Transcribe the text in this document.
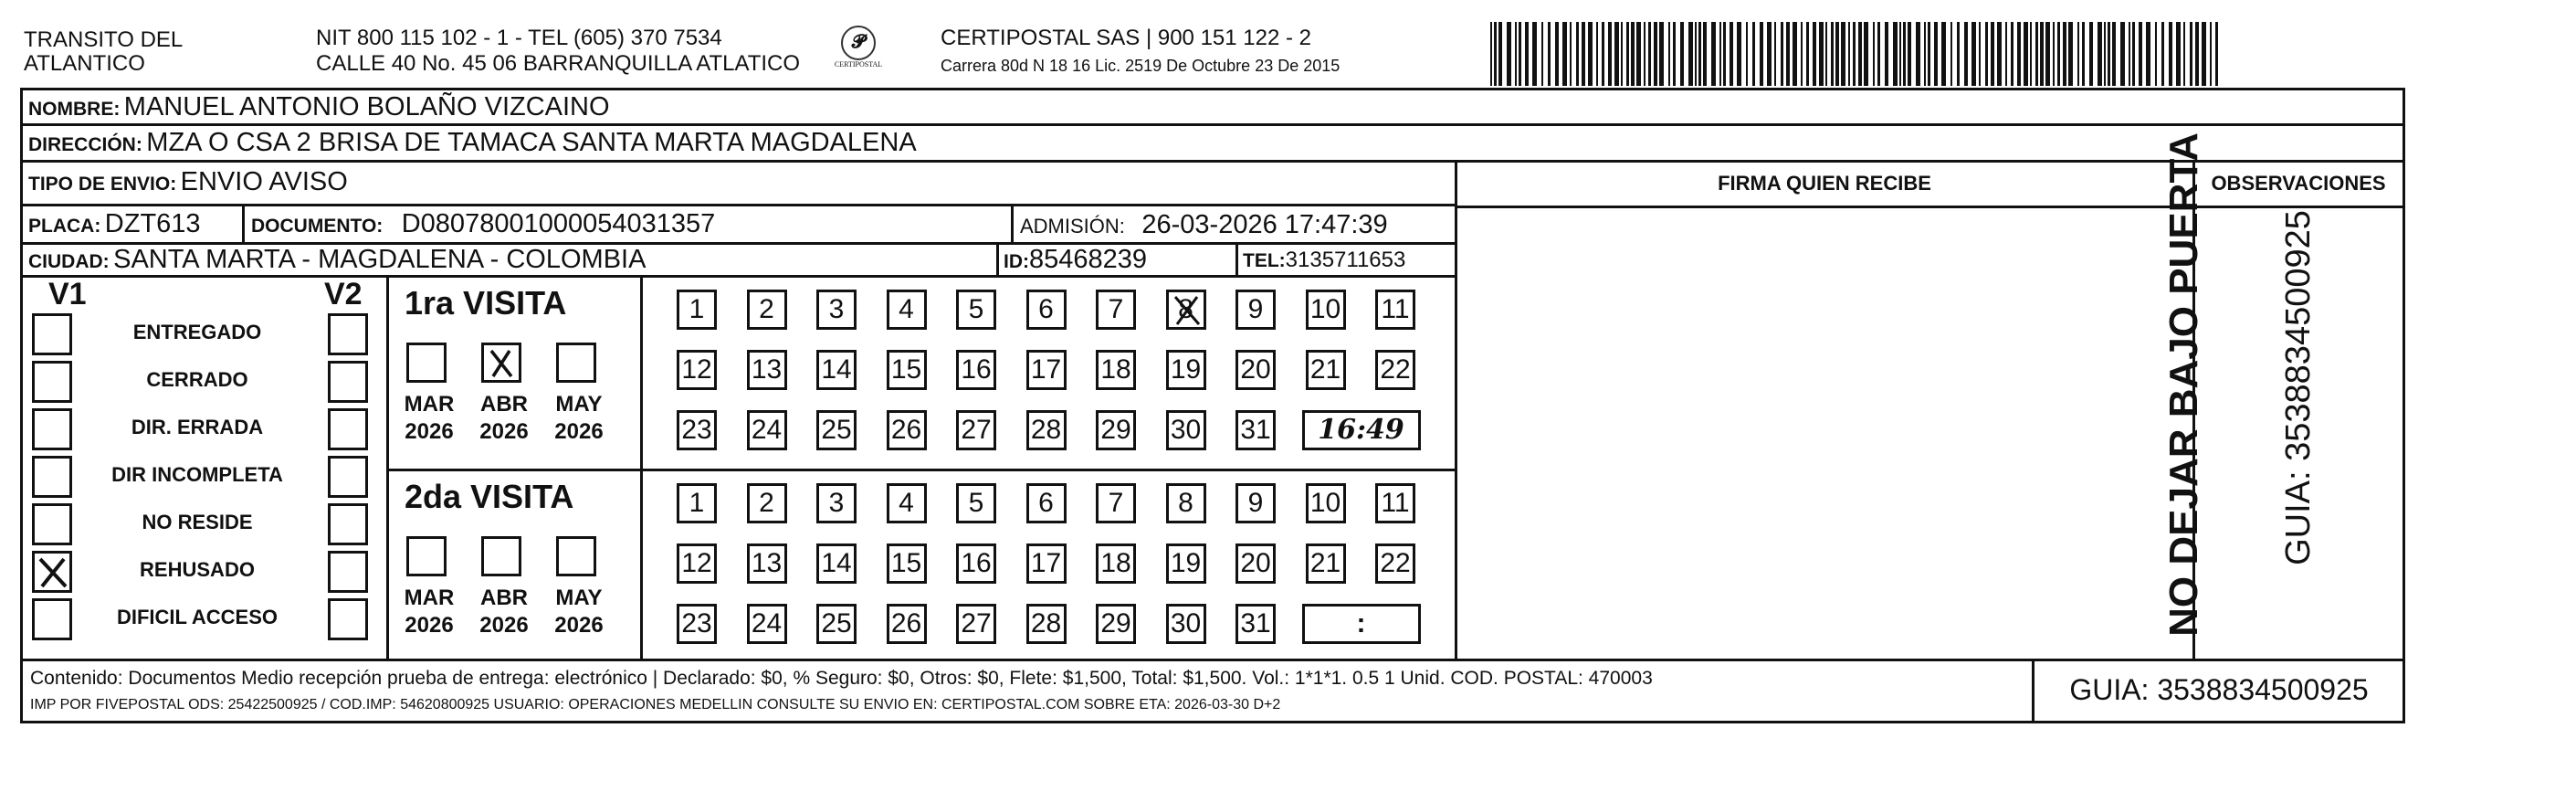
TRANSITO DEL
ATLANTICO
NIT 800 115 102 - 1 - TEL (605) 370 7534
CALLE 40 No. 45 06 BARRANQUILLA ATLATICO
𝓟
CERTIPOSTAL
CERTIPOSTAL SAS | 900 151 122 - 2
Carrera 80d N 18 16 Lic. 2519 De Octubre 23 De 2015
NOMBRE: MANUEL ANTONIO BOLAÑO VIZCAINO
DIRECCIÓN: MZA O CSA 2 BRISA DE TAMACA SANTA MARTA MAGDALENA
TIPO DE ENVIO: ENVIO AVISO	FIRMA QUIEN RECIBE	OBSERVACIONES
PLACA: DZT613	DOCUMENTO: D08078001000054031357	ADMISIÓN: 26-03-2026 17:47:39
CIUDAD: SANTA MARTA - MAGDALENA - COLOMBIA	ID:85468239	TEL:3135711653
V1	V2
ENTREGADO
CERRADO
DIR. ERRADA
DIR INCOMPLETA
NO RESIDE
REHUSADO
DIFICIL ACCESO
1ra VISITA
MAR
2026
ABR
2026
MAY
2026
1	2	3	4	5	6	7	8	9	10 11
12 13 14 15 16 17 18 19 20 21 22
23 24 25 26 27 28 29 30 31	16:49
2da VISITA
MAR
2026
ABR
2026
MAY
2026
1	2	3	4	5	6	7	8	9	10 11
12 13 14 15 16 17 18 19 20 21 22
23 24 25 26 27 28 29 30 31	:
Contenido: Documentos Medio recepción prueba de entrega: electrónico | Declarado: $0, % Seguro: $0, Otros: $0, Flete: $1,500, Total: $1,500. Vol.: 1*1*1. 0.5 1 Unid. COD. POSTAL: 470003
IMP POR FIVEPOSTAL ODS: 25422500925 / COD.IMP: 54620800925 USUARIO: OPERACIONES MEDELLIN CONSULTE SU ENVIO EN: CERTIPOSTAL.COM SOBRE ETA: 2026-03-30 D+2	GUIA: 3538834500925
NO DEJAR BAJO PUERTA GUIA: 3538834500925
